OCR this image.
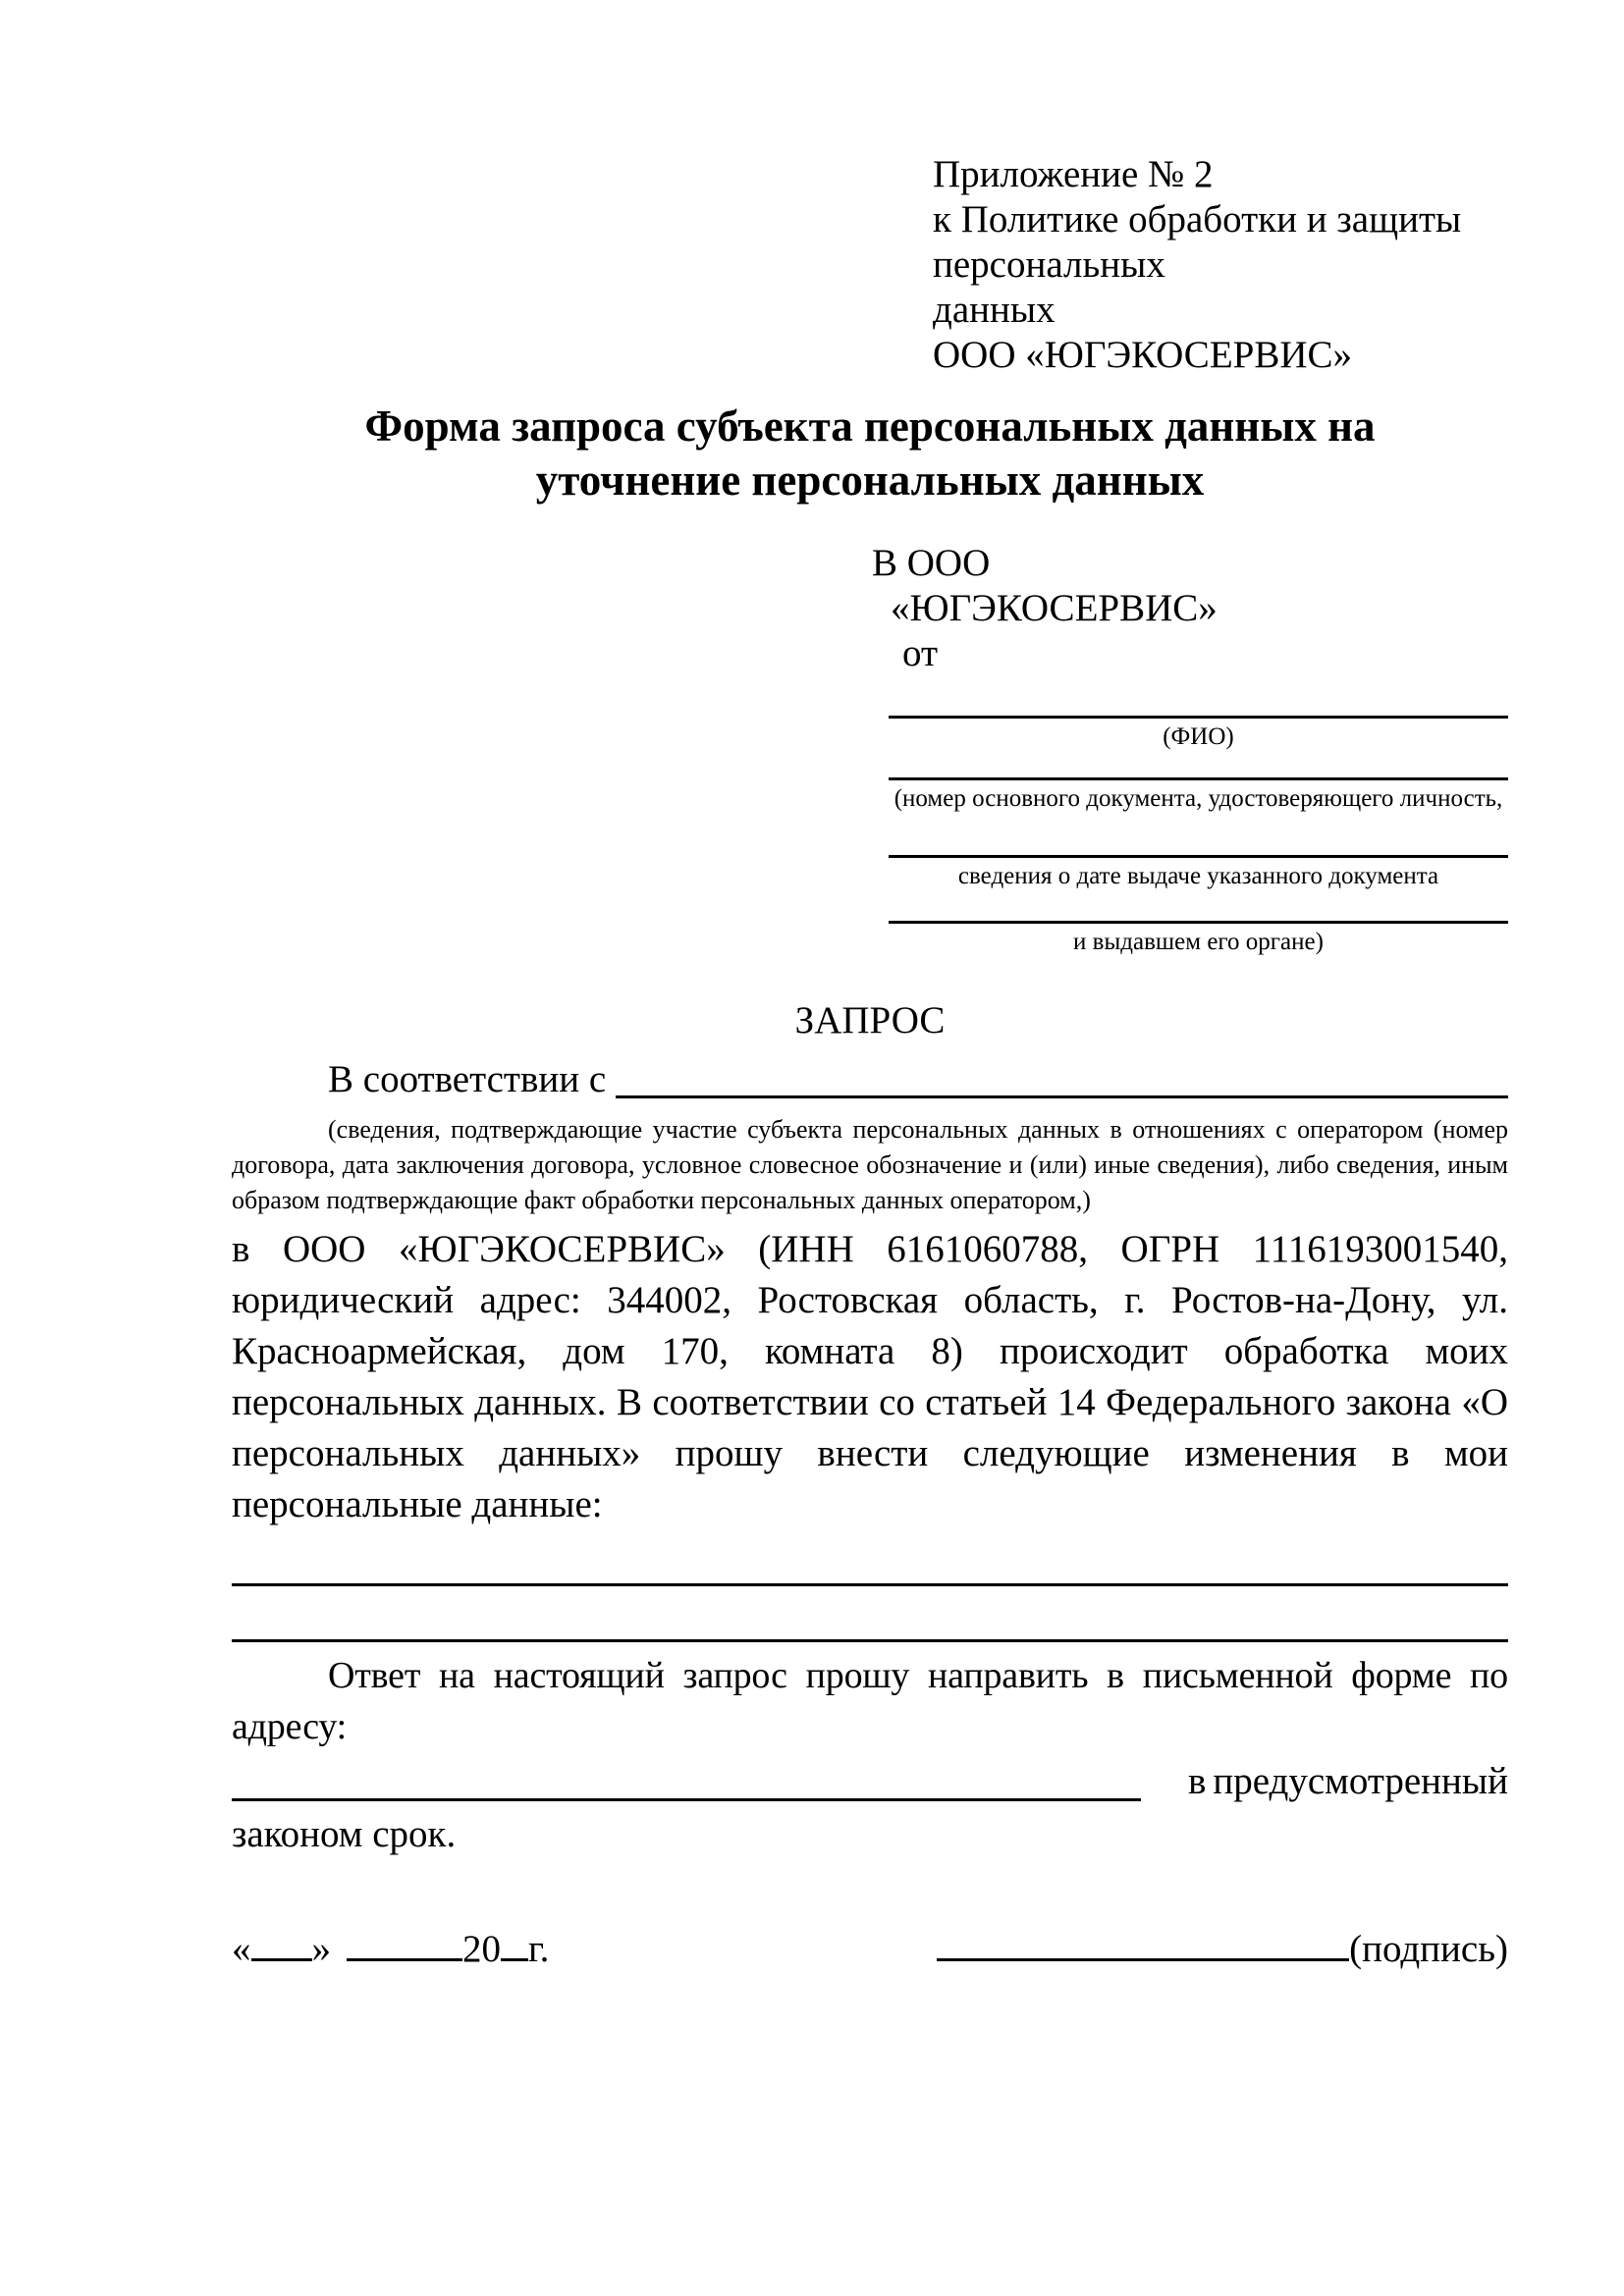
Приложение № 2
к Политике обработки и защиты персональных
данных
ООО «ЮГЭКОСЕРВИС»
Форма запроса субъекта персональных данных на уточнение персональных данных
В ООО
«ЮГЭКОСЕРВИС»
от
(ФИО)
(номер основного документа, удостоверяющего личность,
сведения о дате выдаче указанного документа
и выдавшем его органе)
ЗАПРОС
В соответствии с
(сведения, подтверждающие участие субъекта персональных данных в отношениях с оператором (номер договора, дата заключения договора, условное словесное обозначение и (или) иные сведения), либо сведения, иным образом подтверждающие факт обработки персональных данных оператором,)
в ООО «ЮГЭКОСЕРВИС» (ИНН 6161060788, ОГРН 1116193001540, юридический адрес: 344002, Ростовская область, г. Ростов-на-Дону, ул. Красноармейская, дом 170, комната 8) происходит обработка моих персональных данных. В соответствии со статьей 14 Федерального закона «О персональных данных» прошу внести следующие изменения в мои персональные данные:
Ответ на настоящий запрос прошу направить в письменной форме по адресу:
в предусмотренный
законом срок.
« »	20 г.	(подпись)
